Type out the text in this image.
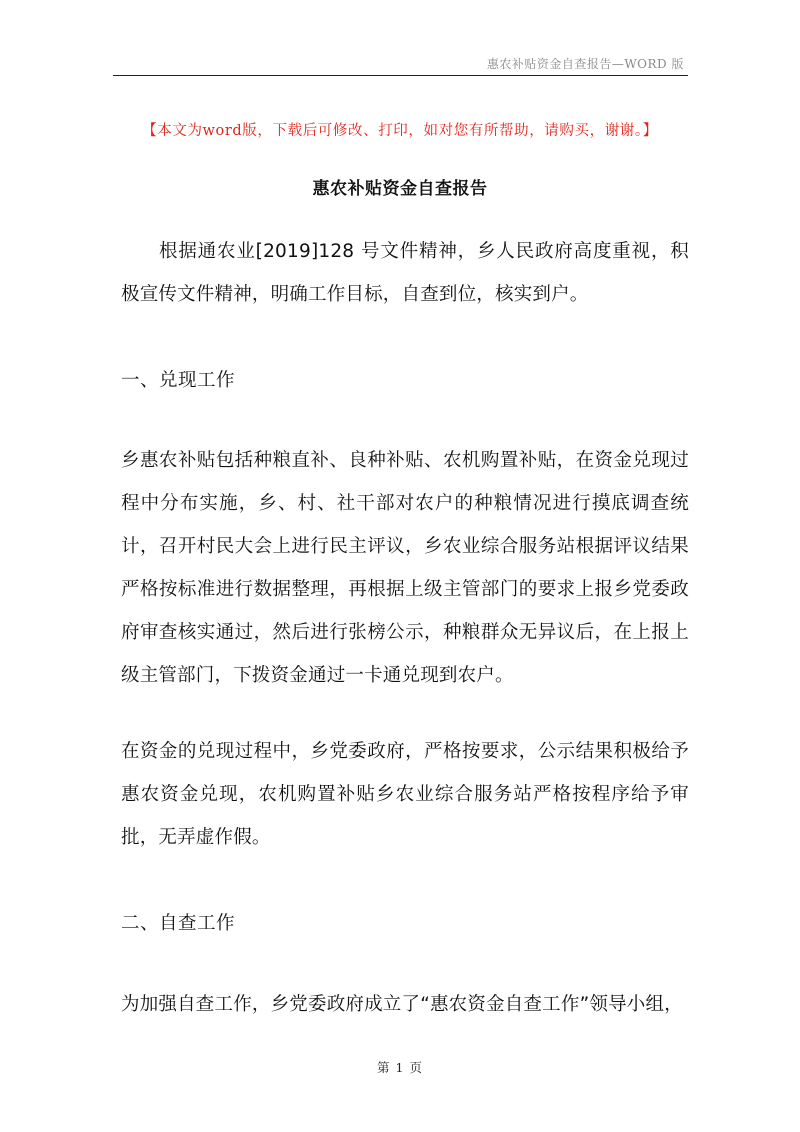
惠农补贴资金自查报告—WORD 版
【本文为word版，下载后可修改、打印，如对您有所帮助，请购买，谢谢。】
惠农补贴资金自查报告

根据通农业[2019]128 号文件精神，乡人民政府高度重视，积极宣传文件精神，明确工作目标，自查到位，核实到户。

一、兑现工作

乡惠农补贴包括种粮直补、良种补贴、农机购置补贴，在资金兑现过程中分布实施，乡、村、社干部对农户的种粮情况进行摸底调查统计，召开村民大会上进行民主评议，乡农业综合服务站根据评议结果严格按标准进行数据整理，再根据上级主管部门的要求上报乡党委政府审查核实通过，然后进行张榜公示，种粮群众无异议后，在上报上级主管部门，下拨资金通过一卡通兑现到农户。

在资金的兑现过程中，乡党委政府，严格按要求，公示结果积极给予惠农资金兑现，农机购置补贴乡农业综合服务站严格按程序给予审批，无弄虚作假。

二、自查工作

为加强自查工作，乡党委政府成立了“惠农资金自查工作”领导小组，

第 1 页
